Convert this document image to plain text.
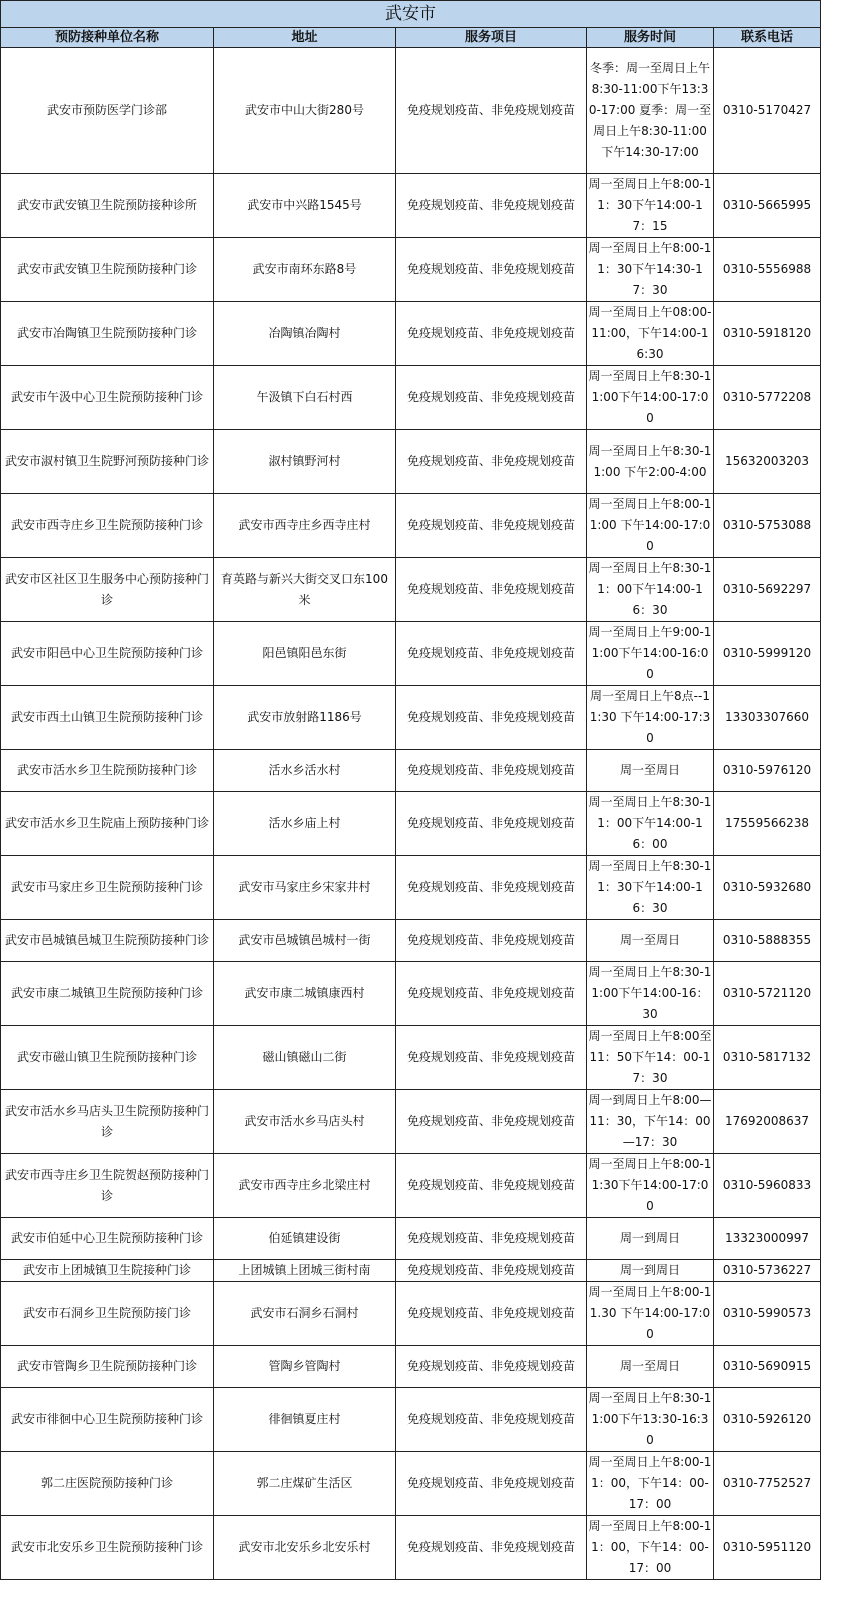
武安市				
预防接种单位名称	地址	服务项目	服务时间	联系电话
武安市预防医学门诊部	武安市中山大街280号	免疫规划疫苗、非免疫规划疫苗	冬季：周一至周日上午8:30-11:00下午13:30-17:00 夏季：周一至周日上午8:30-11:00下午14:30-17:00	0310-5170427
武安市武安镇卫生院预防接种诊所	武安市中兴路1545号	免疫规划疫苗、非免疫规划疫苗	周一至周日上午8:00-11：30下午14:00-17：15	0310-5665995
武安市武安镇卫生院预防接种门诊	武安市南环东路8号	免疫规划疫苗、非免疫规划疫苗	周一至周日上午8:00-11：30下午14:30-17：30	0310-5556988
武安市冶陶镇卫生院预防接种门诊	冶陶镇冶陶村	免疫规划疫苗、非免疫规划疫苗	周一至周日上午08:00-11:00，下午14:00-16:30	0310-5918120
武安市午汲中心卫生院预防接种门诊	午汲镇下白石村西	免疫规划疫苗、非免疫规划疫苗	周一至周日上午8:30-11:00下午14:00-17:00	0310-5772208
武安市淑村镇卫生院野河预防接种门诊	淑村镇野河村	免疫规划疫苗、非免疫规划疫苗	周一至周日上午8:30-11:00 下午2:00-4:00	15632003203
武安市西寺庄乡卫生院预防接种门诊	武安市西寺庄乡西寺庄村	免疫规划疫苗、非免疫规划疫苗	周一至周日上午8:00-11:00 下午14:00-17:00	0310-5753088
武安市区社区卫生服务中心预防接种门诊	育英路与新兴大街交叉口东100米	免疫规划疫苗、非免疫规划疫苗	周一至周日上午8:30-11：00下午14:00-16：30	0310-5692297
武安市阳邑中心卫生院预防接种门诊	阳邑镇阳邑东街	免疫规划疫苗、非免疫规划疫苗	周一至周日上午9:00-11:00下午14:00-16:00	0310-5999120
武安市西土山镇卫生院预防接种门诊	武安市放射路1186号	免疫规划疫苗、非免疫规划疫苗	周一至周日上午8点--11:30 下午14:00-17:30	13303307660
武安市活水乡卫生院预防接种门诊	活水乡活水村	免疫规划疫苗、非免疫规划疫苗	周一至周日	0310-5976120
武安市活水乡卫生院庙上预防接种门诊	活水乡庙上村	免疫规划疫苗、非免疫规划疫苗	周一至周日上午8:30-11：00下午14:00-16：00	17559566238
武安市马家庄乡卫生院预防接种门诊	武安市马家庄乡宋家井村	免疫规划疫苗、非免疫规划疫苗	周一至周日上午8:30-11：30下午14:00-16：30	0310-5932680
武安市邑城镇邑城卫生院预防接种门诊	武安市邑城镇邑城村一街	免疫规划疫苗、非免疫规划疫苗	周一至周日	0310-5888355
武安市康二城镇卫生院预防接种门诊	武安市康二城镇康西村	免疫规划疫苗、非免疫规划疫苗	周一至周日上午8:30-11:00下午14:00-16：30	0310-5721120
武安市磁山镇卫生院预防接种门诊	磁山镇磁山二街	免疫规划疫苗、非免疫规划疫苗	周一至周日上午8:00至11：50下午14：00-17：30	0310-5817132
武安市活水乡马店头卫生院预防接种门诊	武安市活水乡马店头村	免疫规划疫苗、非免疫规划疫苗	周一到周日上午8:00—11：30，下午14：00—17：30	17692008637
武安市西寺庄乡卫生院贺赵预防接种门诊	武安市西寺庄乡北梁庄村	免疫规划疫苗、非免疫规划疫苗	周一至周日上午8:00-11:30下午14:00-17:00	0310-5960833
武安市伯延中心卫生院预防接种门诊	伯延镇建设街	免疫规划疫苗、非免疫规划疫苗	周一到周日	13323000997
武安市上团城镇卫生院接种门诊	上团城镇上团城三街村南	免疫规划疫苗、非免疫规划疫苗	周一到周日	0310-5736227
武安市石洞乡卫生院预防接门诊	武安市石洞乡石洞村	免疫规划疫苗、非免疫规划疫苗	周一至周日上午8:00-11.30 下午14:00-17:00	0310-5990573
武安市管陶乡卫生院预防接种门诊	管陶乡管陶村	免疫规划疫苗、非免疫规划疫苗	周一至周日	0310-5690915
武安市徘徊中心卫生院预防接种门诊	徘徊镇夏庄村	免疫规划疫苗、非免疫规划疫苗	周一至周日上午8:30-11:00下午13:30-16:30	0310-5926120
郭二庄医院预防接种门诊	郭二庄煤矿生活区	免疫规划疫苗、非免疫规划疫苗	周一至周日上午8:00-11：00，下午14：00-17：00	0310-7752527
武安市北安乐乡卫生院预防接种门诊	武安市北安乐乡北安乐村	免疫规划疫苗、非免疫规划疫苗	周一至周日上午8:00-11：00，下午14：00-17：00	0310-5951120
